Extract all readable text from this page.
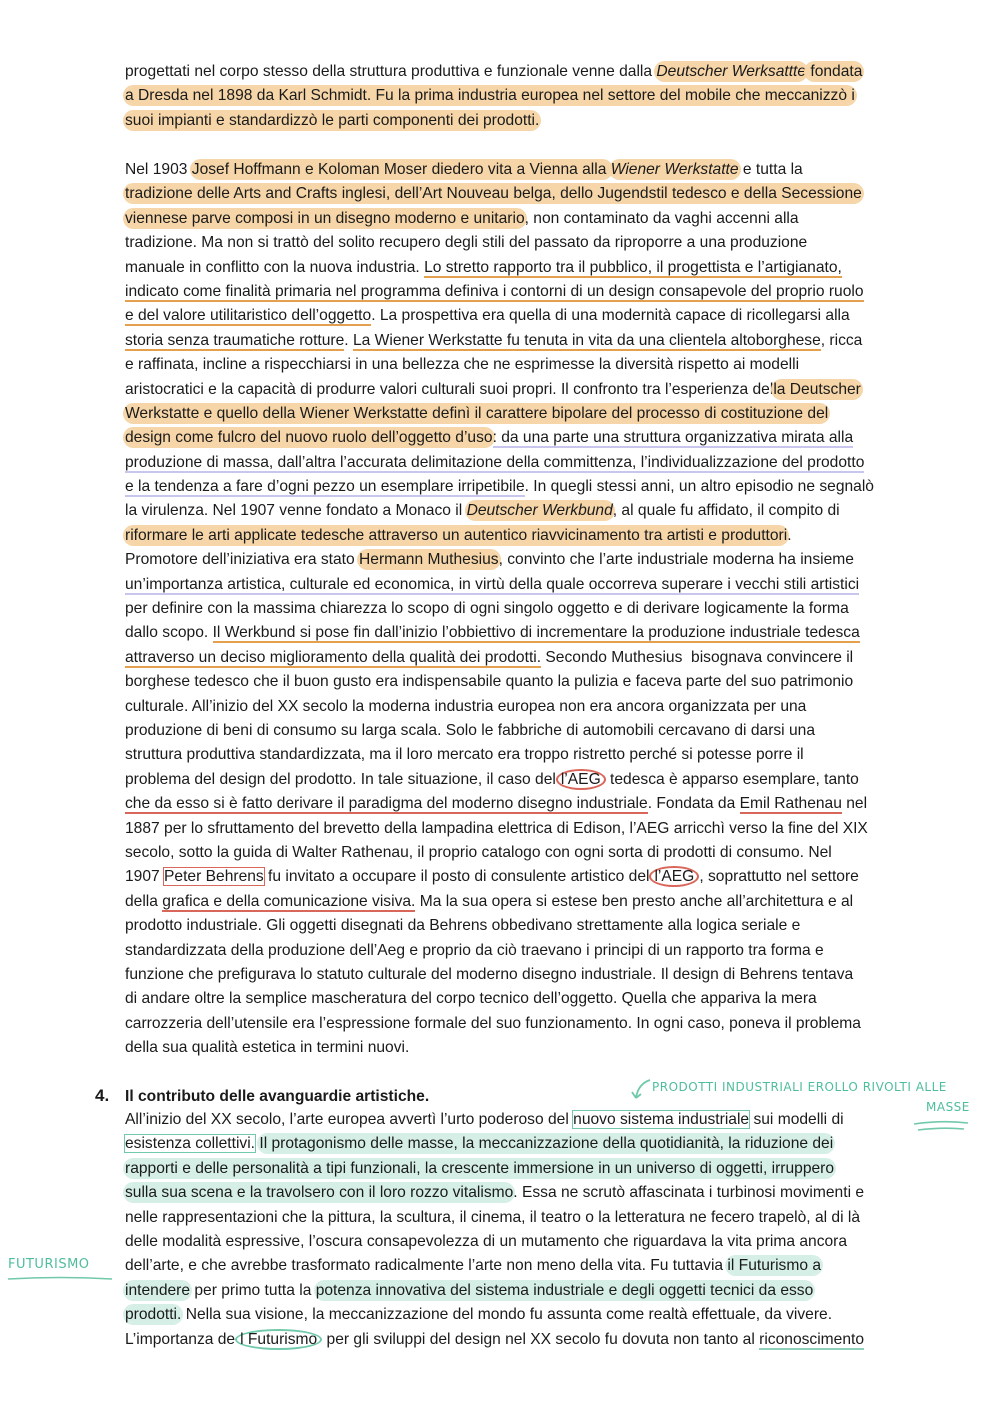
progettati nel corpo stesso della struttura produttiva e funzionale venne dalla Deutscher Werksattte fondata
a Dresda nel 1898 da Karl Schmidt. Fu la prima industria europea nel settore del mobile che meccanizzò i
suoi impianti e standardizzò le parti componenti dei prodotti.
Nel 1903 Josef Hoffmann e Koloman Moser diedero vita a Vienna alla Wiener Werkstatte e tutta la
tradizione delle Arts and Crafts inglesi, dell’Art Nouveau belga, dello Jugendstil tedesco e della Secessione
viennese parve composi in un disegno moderno e unitario, non contaminato da vaghi accenni alla
tradizione. Ma non si trattò del solito recupero degli stili del passato da riproporre a una produzione
manuale in conflitto con la nuova industria. Lo stretto rapporto tra il pubblico, il progettista e l’artigianato,
indicato come finalità primaria nel programma definiva i contorni di un design consapevole del proprio ruolo
e del valore utilitaristico dell’oggetto. La prospettiva era quella di una modernità capace di ricollegarsi alla
storia senza traumatiche rotture. La Wiener Werkstatte fu tenuta in vita da una clientela altoborghese, ricca
e raffinata, incline a rispecchiarsi in una bellezza che ne esprimesse la diversità rispetto ai modelli
aristocratici e la capacità di produrre valori culturali suoi propri. Il confronto tra l’esperienza della Deutscher
Werkstatte e quello della Wiener Werkstatte definì il carattere bipolare del processo di costituzione del
design come fulcro del nuovo ruolo dell’oggetto d’uso: da una parte una struttura organizzativa mirata alla
produzione di massa, dall’altra l’accurata delimitazione della committenza, l’individualizzazione del prodotto
e la tendenza a fare d’ogni pezzo un esemplare irripetibile. In quegli stessi anni, un altro episodio ne segnalò
la virulenza. Nel 1907 venne fondato a Monaco il Deutscher Werkbund, al quale fu affidato, il compito di
riformare le arti applicate tedesche attraverso un autentico riavvicinamento tra artisti e produttori.
Promotore dell’iniziativa era stato Hermann Muthesius, convinto che l’arte industriale moderna ha insieme
un’importanza artistica, culturale ed economica, in virtù della quale occorreva superare i vecchi stili artistici
per definire con la massima chiarezza lo scopo di ogni singolo oggetto e di derivare logicamente la forma
dallo scopo. Il Werkbund si pose fin dall’inizio l’obbiettivo di incrementare la produzione industriale tedesca
attraverso un deciso miglioramento della qualità dei prodotti. Secondo Muthesius  bisognava convincere il
borghese tedesco che il buon gusto era indispensabile quanto la pulizia e faceva parte del suo patrimonio
culturale. All’inizio del XX secolo la moderna industria europea non era ancora organizzata per una
produzione di beni di consumo su larga scala. Solo le fabbriche di automobili cercavano di darsi una
struttura produttiva standardizzata, ma il loro mercato era troppo ristretto perché si potesse porre il
problema del design del prodotto. In tale situazione, il caso del l’AEG tedesca è apparso esemplare, tanto
che da esso si è fatto derivare il paradigma del moderno disegno industriale. Fondata da Emil Rathenau nel
1887 per lo sfruttamento del brevetto della lampadina elettrica di Edison, l’AEG arricchì verso la fine del XIX
secolo, sotto la guida di Walter Rathenau, il proprio catalogo con ogni sorta di prodotti di consumo. Nel
1907 Peter Behrens fu invitato a occupare il posto di consulente artistico del l’AEG , soprattutto nel settore
della grafica e della comunicazione visiva. Ma la sua opera si estese ben presto anche all’architettura e al
prodotto industriale. Gli oggetti disegnati da Behrens obbedivano strettamente alla logica seriale e
standardizzata della produzione dell’Aeg e proprio da ciò traevano i principi di un rapporto tra forma e
funzione che prefigurava lo statuto culturale del moderno disegno industriale. Il design di Behrens tentava
di andare oltre la semplice mascheratura del corpo tecnico dell’oggetto. Quella che appariva la mera
carrozzeria dell’utensile era l’espressione formale del suo funzionamento. In ogni caso, poneva il problema
della sua qualità estetica in termini nuovi.
4. Il contributo delle avanguardie artistiche.
All’inizio del XX secolo, l’arte europea avvertì l’urto poderoso del nuovo sistema industriale sui modelli di
esistenza collettivi. Il protagonismo delle masse, la meccanizzazione della quotidianità, la riduzione dei
rapporti e delle personalità a tipi funzionali, la crescente immersione in un universo di oggetti, irruppero
sulla sua scena e la travolsero con il loro rozzo vitalismo. Essa ne scrutò affascinata i turbinosi movimenti e
nelle rappresentazioni che la pittura, la scultura, il cinema, il teatro o la letteratura ne fecero trapelò, al di là
delle modalità espressive, l’oscura consapevolezza di un mutamento che riguardava la vita prima ancora
dell’arte, e che avrebbe trasformato radicalmente l’arte non meno della vita. Fu tuttavia il Futurismo a
intendere per primo tutta la potenza innovativa del sistema industriale e degli oggetti tecnici da esso
prodotti. Nella sua visione, la meccanizzazione del mondo fu assunta come realtà effettuale, da vivere.
L’importanza de l Futurismo per gli sviluppi del design nel XX secolo fu dovuta non tanto al riconoscimento
PRODOTTI INDUSTRIALI EROLLO RIVOLTI ALLE
MASSE
FUTURISMO
